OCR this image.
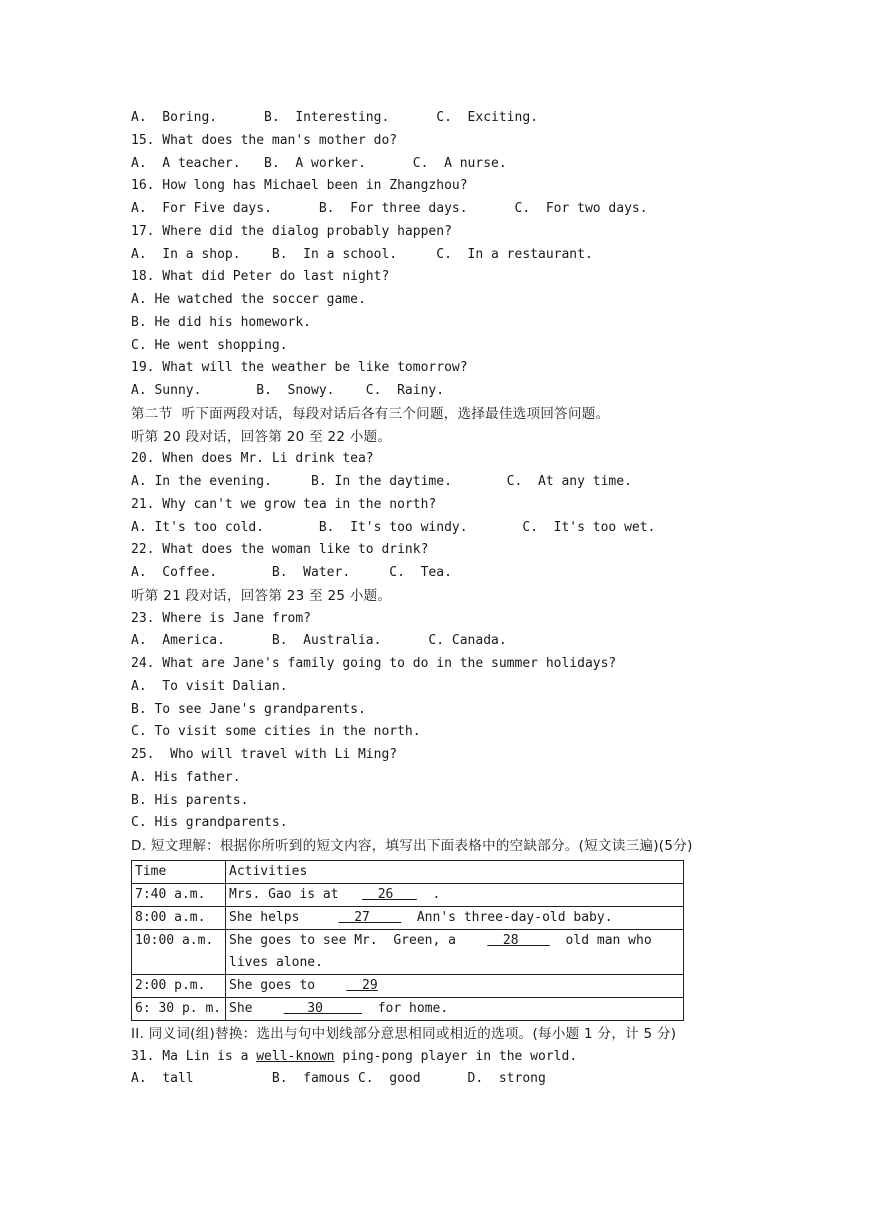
A.  Boring.      B.  Interesting.      C.  Exciting.
15. What does the man's mother do?
A.  A teacher.   B.  A worker.      C.  A nurse.
16. How long has Michael been in Zhangzhou?
A.  For Five days.      B.  For three days.      C.  For two days.
17. Where did the dialog probably happen?
A.  In a shop.    B.  In a school.     C.  In a restaurant.
18. What did Peter do last night?
A. He watched the soccer game.
B. He did his homework.
C. He went shopping.
19. What will the weather be like tomorrow?
A. Sunny.       B.  Snowy.    C.  Rainy.
第二节  听下面两段对话，每段对话后各有三个问题，选择最佳选项回答问题。
听第 20 段对话，回答第 20 至 22 小题。
20. When does Mr. Li drink tea?
A. In the evening.     B. In the daytime.       C.  At any time.
21. Why can't we grow tea in the north?
A. It's too cold.       B.  It's too windy.       C.  It's too wet.
22. What does the woman like to drink?
A.  Coffee.       B.  Water.     C.  Tea.
听第 21 段对话，回答第 23 至 25 小题。
23. Where is Jane from?
A.  America.      B.  Australia.      C. Canada.
24. What are Jane's family going to do in the summer holidays?
A.  To visit Dalian.
B. To see Jane's grandparents.
C. To visit some cities in the north.
25.  Who will travel with Li Ming?
A. His father.
B. His parents.
C. His grandparents.
D. 短文理解：根据你所听到的短文内容，填写出下面表格中的空缺部分。(短文读三遍)(5分)
Time	Activities
7:40 a.m.	Mrs. Gao is at     26     .
8:00 a.m.	She helps       27      Ann's three-day-old baby.
10:00 a.m.	She goes to see Mr.  Green, a      28      old man who lives alone.
2:00 p.m.	She goes to      29
6: 30 p. m.	She       30       for home.
II. 同义词(组)替换：选出与句中划线部分意思相同或相近的选项。(每小题 1 分，计 5 分)
31. Ma Lin is a well-known ping-pong player in the world.
A.  tall          B.  famous C.  good      D.  strong
